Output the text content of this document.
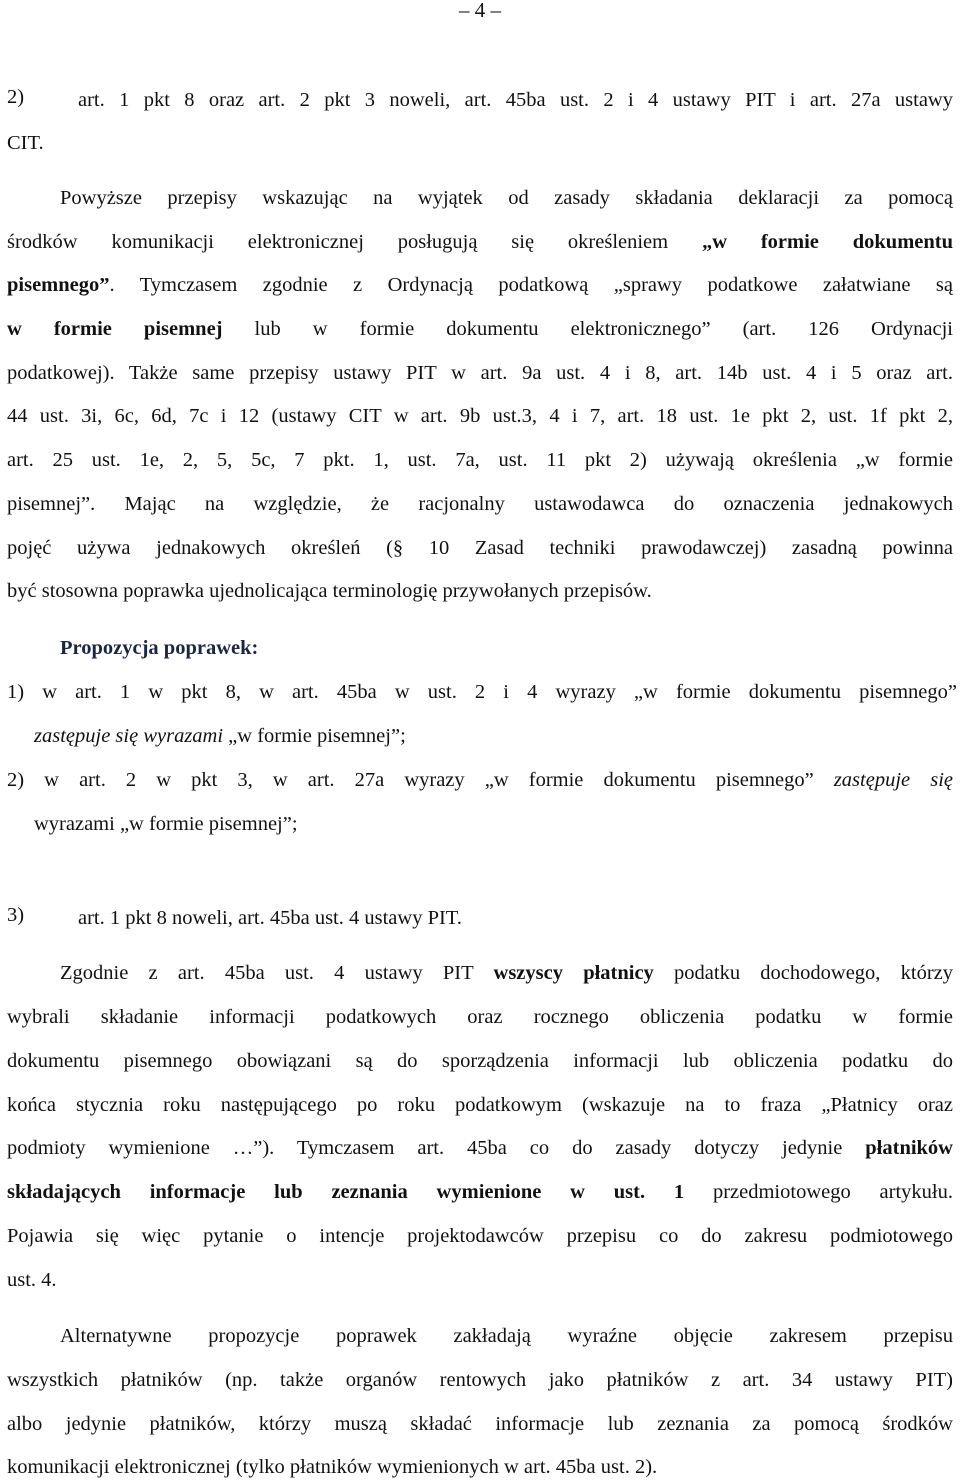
– 4 –
2)	art. 1 pkt 8 oraz art. 2 pkt 3 noweli, art. 45ba ust. 2 i 4 ustawy PIT i art. 27a ustawy
CIT.
Powyższe przepisy wskazując na wyjątek od zasady składania deklaracji za pomocą
środków komunikacji elektronicznej posługują się określeniem „w formie dokumentu
pisemnego”. Tymczasem zgodnie z Ordynacją podatkową „sprawy podatkowe załatwiane są
w formie pisemnej lub w formie dokumentu elektronicznego” (art. 126 Ordynacji
podatkowej). Także same przepisy ustawy PIT w art. 9a ust. 4 i 8, art. 14b ust. 4 i 5 oraz art.
44 ust. 3i, 6c, 6d, 7c i 12 (ustawy CIT w art. 9b ust.3, 4 i 7, art. 18 ust. 1e pkt 2, ust. 1f pkt 2,
art. 25 ust. 1e, 2, 5, 5c, 7 pkt. 1, ust. 7a, ust. 11 pkt 2) używają określenia „w formie
pisemnej”. Mając na względzie, że racjonalny ustawodawca do oznaczenia jednakowych
pojęć używa jednakowych określeń (§ 10 Zasad techniki prawodawczej) zasadną powinna
być stosowna poprawka ujednolicająca terminologię przywołanych przepisów.
Propozycja poprawek:
1) w art. 1 w pkt 8, w art. 45ba w ust. 2 i 4 wyrazy „w formie dokumentu pisemnego”
zastępuje się wyrazami „w formie pisemnej”;
2) w art. 2 w pkt 3, w art. 27a wyrazy „w formie dokumentu pisemnego” zastępuje się
wyrazami „w formie pisemnej”;
3)	art. 1 pkt 8 noweli, art. 45ba ust. 4 ustawy PIT.
Zgodnie z art. 45ba ust. 4 ustawy PIT wszyscy płatnicy podatku dochodowego, którzy
wybrali składanie informacji podatkowych oraz rocznego obliczenia podatku w formie
dokumentu pisemnego obowiązani są do sporządzenia informacji lub obliczenia podatku do
końca stycznia roku następującego po roku podatkowym (wskazuje na to fraza „Płatnicy oraz
podmioty wymienione …”). Tymczasem art. 45ba co do zasady dotyczy jedynie płatników
składających informacje lub zeznania wymienione w ust. 1 przedmiotowego artykułu.
Pojawia się więc pytanie o intencje projektodawców przepisu co do zakresu podmiotowego
ust. 4.
Alternatywne propozycje poprawek zakładają wyraźne objęcie zakresem przepisu
wszystkich płatników (np. także organów rentowych jako płatników z art. 34 ustawy PIT)
albo jedynie płatników, którzy muszą składać informacje lub zeznania za pomocą środków
komunikacji elektronicznej (tylko płatników wymienionych w art. 45ba ust. 2).
